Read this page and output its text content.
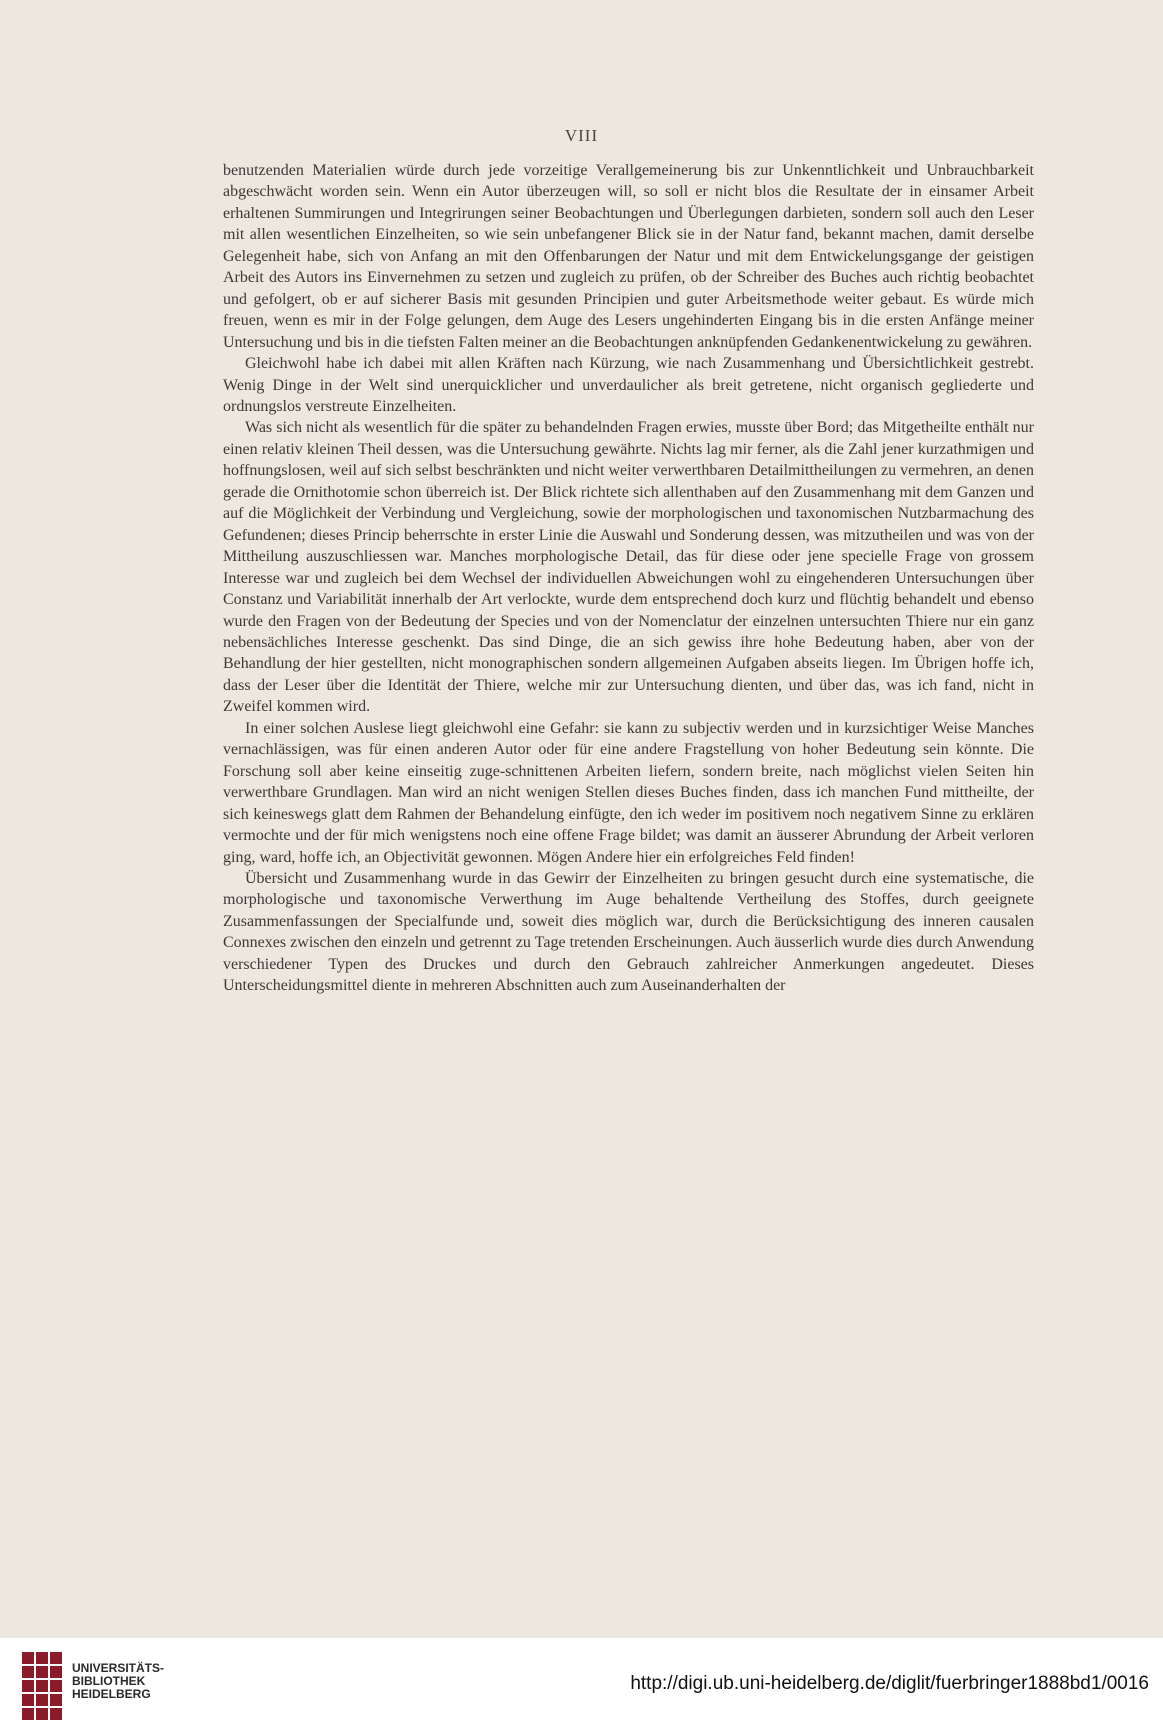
VIII

benutzenden Materialien würde durch jede vorzeitige Verallgemeinerung bis zur Unkenntlichkeit und Unbrauchbarkeit abgeschwächt worden sein. Wenn ein Autor überzeugen will, so soll er nicht blos die Resultate der in einsamer Arbeit erhaltenen Summirungen und Integrirungen seiner Beobachtungen und Überlegungen darbieten, sondern soll auch den Leser mit allen wesentlichen Einzelheiten, so wie sein unbefangener Blick sie in der Natur fand, bekannt machen, damit derselbe Gelegenheit habe, sich von Anfang an mit den Offenbarungen der Natur und mit dem Entwickelungsgange der geistigen Arbeit des Autors ins Einvernehmen zu setzen und zugleich zu prüfen, ob der Schreiber des Buches auch richtig beobachtet und gefolgert, ob er auf sicherer Basis mit gesunden Principien und guter Arbeitsmethode weiter gebaut. Es würde mich freuen, wenn es mir in der Folge gelungen, dem Auge des Lesers ungehinderten Eingang bis in die ersten Anfänge meiner Untersuchung und bis in die tiefsten Falten meiner an die Beobachtungen anknüpfenden Gedankenentwickelung zu gewähren.

Gleichwohl habe ich dabei mit allen Kräften nach Kürzung, wie nach Zusammenhang und Übersichtlichkeit gestrebt. Wenig Dinge in der Welt sind unerquicklicher und unverdaulicher als breit getretene, nicht organisch gegliederte und ordnungslos verstreute Einzelheiten.

Was sich nicht als wesentlich für die später zu behandelnden Fragen erwies, musste über Bord; das Mitgetheilte enthält nur einen relativ kleinen Theil dessen, was die Untersuchung gewährte. Nichts lag mir ferner, als die Zahl jener kurzathmigen und hoffnungslosen, weil auf sich selbst beschränkten und nicht weiter verwerthbaren Detailmittheilungen zu vermehren, an denen gerade die Ornithotomie schon überreich ist. Der Blick richtete sich allenthaben auf den Zusammenhang mit dem Ganzen und auf die Möglichkeit der Verbindung und Vergleichung, sowie der morphologischen und taxonomischen Nutzbarmachung des Gefundenen; dieses Princip beherrschte in erster Linie die Auswahl und Sonderung dessen, was mitzutheilen und was von der Mittheilung auszuschliessen war. Manches morphologische Detail, das für diese oder jene specielle Frage von grossem Interesse war und zugleich bei dem Wechsel der individuellen Abweichungen wohl zu eingehenderen Untersuchungen über Constanz und Variabilität innerhalb der Art verlockte, wurde dem entsprechend doch kurz und flüchtig behandelt und ebenso wurde den Fragen von der Bedeutung der Species und von der Nomenclatur der einzelnen untersuchten Thiere nur ein ganz nebensächliches Interesse geschenkt. Das sind Dinge, die an sich gewiss ihre hohe Bedeutung haben, aber von der Behandlung der hier gestellten, nicht monographischen sondern allgemeinen Aufgaben abseits liegen. Im Übrigen hoffe ich, dass der Leser über die Identität der Thiere, welche mir zur Untersuchung dienten, und über das, was ich fand, nicht in Zweifel kommen wird.

In einer solchen Auslese liegt gleichwohl eine Gefahr: sie kann zu subjectiv werden und in kurzsichtiger Weise Manches vernachlässigen, was für einen anderen Autor oder für eine andere Fragstellung von hoher Bedeutung sein könnte. Die Forschung soll aber keine einseitig zuge-schnittenen Arbeiten liefern, sondern breite, nach möglichst vielen Seiten hin verwerthbare Grundlagen. Man wird an nicht wenigen Stellen dieses Buches finden, dass ich manchen Fund mittheilte, der sich keineswegs glatt dem Rahmen der Behandelung einfügte, den ich weder im positivem noch negativem Sinne zu erklären vermochte und der für mich wenigstens noch eine offene Frage bildet; was damit an äusserer Abrundung der Arbeit verloren ging, ward, hoffe ich, an Objectivität gewonnen. Mögen Andere hier ein erfolgreiches Feld finden!

Übersicht und Zusammenhang wurde in das Gewirr der Einzelheiten zu bringen gesucht durch eine systematische, die morphologische und taxonomische Verwerthung im Auge behaltende Vertheilung des Stoffes, durch geeignete Zusammenfassungen der Specialfunde und, soweit dies möglich war, durch die Berücksichtigung des inneren causalen Connexes zwischen den einzeln und getrennt zu Tage tretenden Erscheinungen. Auch äusserlich wurde dies durch Anwendung verschiedener Typen des Druckes und durch den Gebrauch zahlreicher Anmerkungen angedeutet. Dieses Unterscheidungsmittel diente in mehreren Abschnitten auch zum Auseinanderhalten der

UNIVERSITÄTS-
BIBLIOTHEK
HEIDELBERG	http://digi.ub.uni-heidelberg.de/diglit/fuerbringer1888bd1/0016
